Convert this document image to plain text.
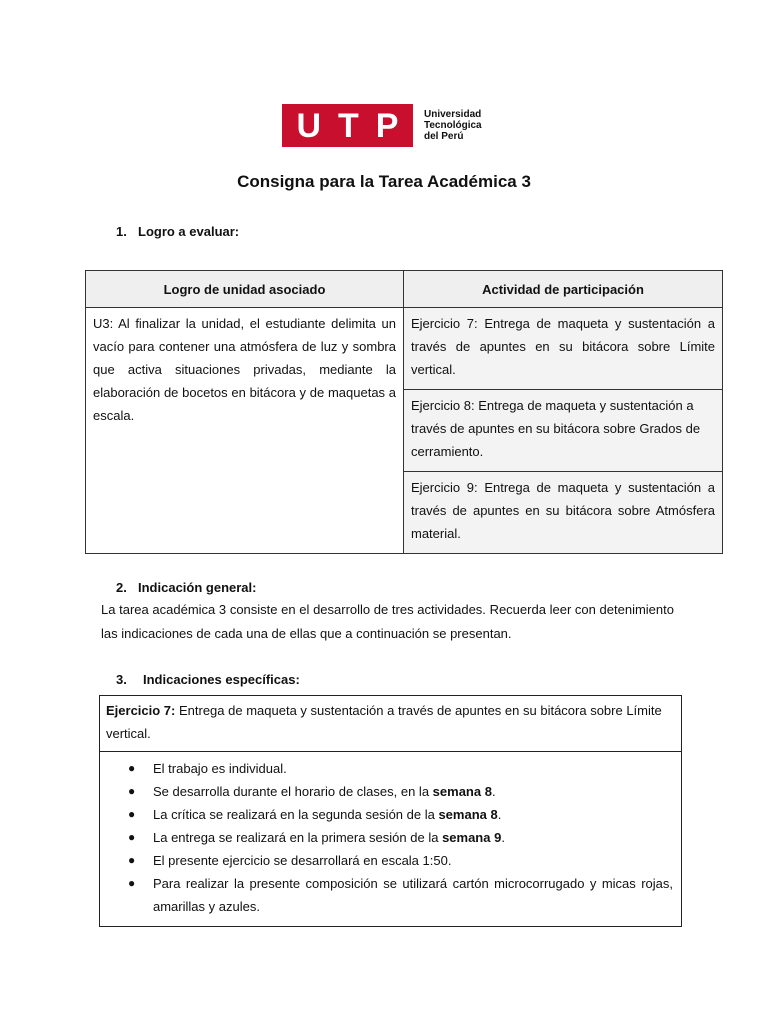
U T P	Universidad
Tecnológica
del Perú
Consigna para la Tarea Académica 3
1. Logro a evaluar:
Logro de unidad asociado	Actividad de participación
U3: Al finalizar la unidad, el estudiante delimita un vacío para contener una atmósfera de luz y sombra que activa situaciones privadas, mediante la elaboración de bocetos en bitácora y de maquetas a escala.	Ejercicio 7: Entrega de maqueta y sustentación a través de apuntes en su bitácora sobre Límite vertical.
	Ejercicio 8: Entrega de maqueta y sustentación a través de apuntes en su bitácora sobre Grados de cerramiento.
	Ejercicio 9: Entrega de maqueta y sustentación a través de apuntes en su bitácora sobre Atmósfera material.
2. Indicación general:
La tarea académica 3 consiste en el desarrollo de tres actividades. Recuerda leer con detenimiento las indicaciones de cada una de ellas que a continuación se presentan.
3. Indicaciones específicas:
Ejercicio 7: Entrega de maqueta y sustentación a través de apuntes en su bitácora sobre Límite vertical.
● El trabajo es individual.
● Se desarrolla durante el horario de clases, en la semana 8.
● La crítica se realizará en la segunda sesión de la semana 8.
● La entrega se realizará en la primera sesión de la semana 9.
● El presente ejercicio se desarrollará en escala 1:50.
● Para realizar la presente composición se utilizará cartón microcorrugado y micas rojas, amarillas y azules.
